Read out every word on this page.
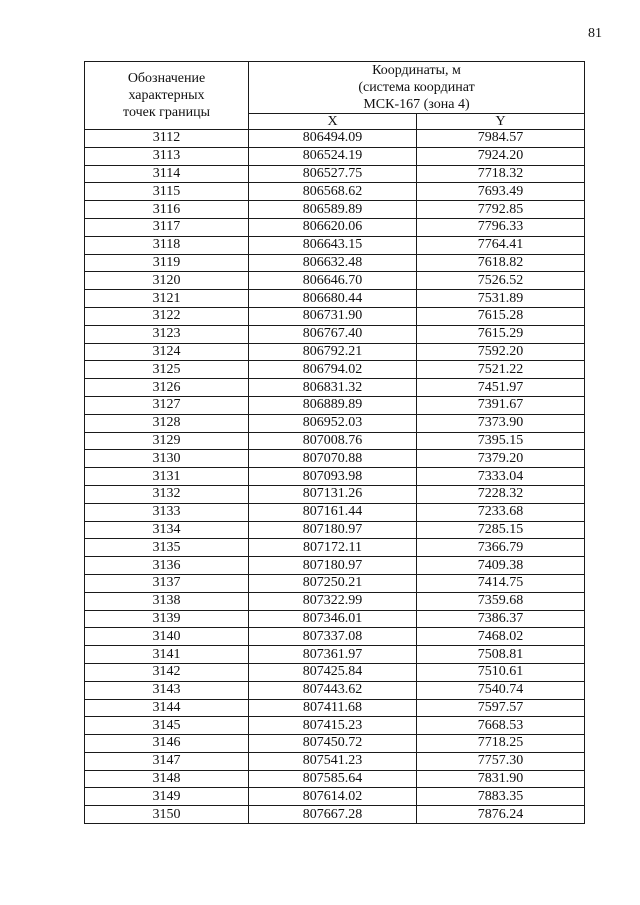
81
Обозначение
характерных
точек границы	Координаты, м
(система координат
МСК-167 (зона 4)	

	X	Y
3112	806494.09	7984.57
3113	806524.19	7924.20
3114	806527.75	7718.32
3115	806568.62	7693.49
3116	806589.89	7792.85
3117	806620.06	7796.33
3118	806643.15	7764.41
3119	806632.48	7618.82
3120	806646.70	7526.52
3121	806680.44	7531.89
3122	806731.90	7615.28
3123	806767.40	7615.29
3124	806792.21	7592.20
3125	806794.02	7521.22
3126	806831.32	7451.97
3127	806889.89	7391.67
3128	806952.03	7373.90
3129	807008.76	7395.15
3130	807070.88	7379.20
3131	807093.98	7333.04
3132	807131.26	7228.32
3133	807161.44	7233.68
3134	807180.97	7285.15
3135	807172.11	7366.79
3136	807180.97	7409.38
3137	807250.21	7414.75
3138	807322.99	7359.68
3139	807346.01	7386.37
3140	807337.08	7468.02
3141	807361.97	7508.81
3142	807425.84	7510.61
3143	807443.62	7540.74
3144	807411.68	7597.57
3145	807415.23	7668.53
3146	807450.72	7718.25
3147	807541.23	7757.30
3148	807585.64	7831.90
3149	807614.02	7883.35
3150	807667.28	7876.24
